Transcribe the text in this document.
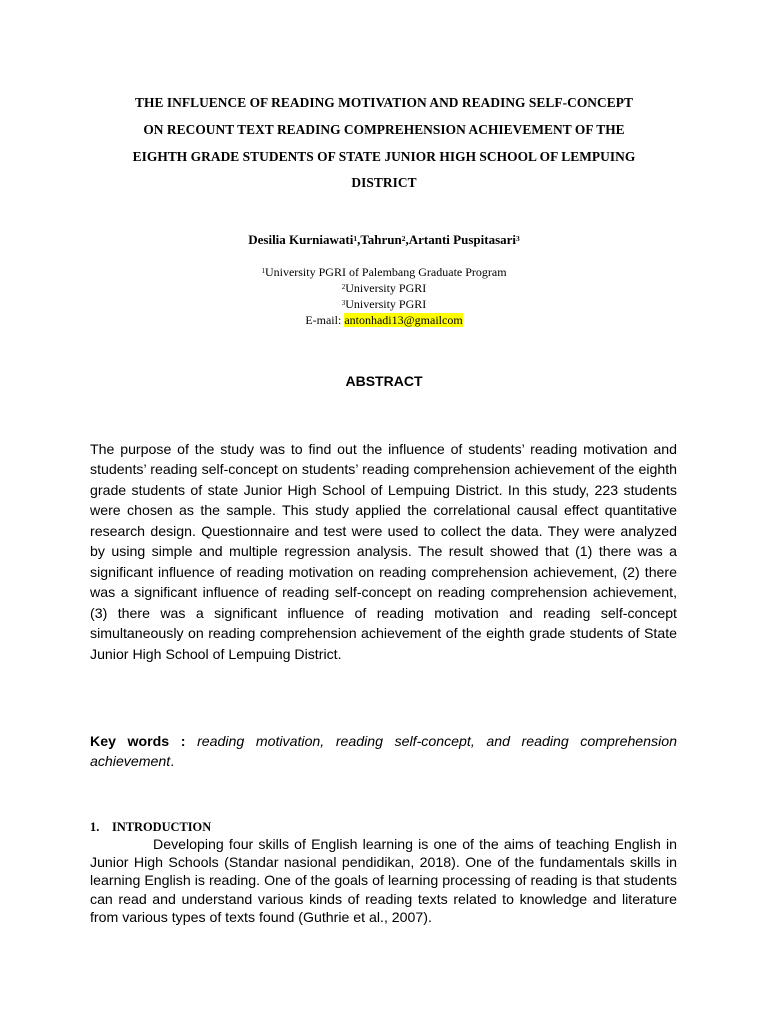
THE INFLUENCE OF READING MOTIVATION AND READING SELF-CONCEPT
ON RECOUNT TEXT READING COMPREHENSION ACHIEVEMENT OF THE
EIGHTH GRADE STUDENTS OF STATE JUNIOR HIGH SCHOOL OF LEMPUING
DISTRICT
Desilia Kurniawati$^1$,Tahrun$^2$,Artanti Puspitasari$^3$
$^1$University PGRI of Palembang Graduate Program
$^2$University PGRI
$^3$University PGRI
E-mail: antonhadi13@gmailcom
ABSTRACT

The purpose of the study was to find out the influence of students’ reading motivation and students’ reading self-concept on students’ reading comprehension achievement of the eighth grade students of state Junior High School of Lempuing District. In this study, 223 students were chosen as the sample. This study applied the correlational causal effect quantitative research design. Questionnaire and test were used to collect the data. They were analyzed by using simple and multiple regression analysis. The result showed that (1) there was a significant influence of reading motivation on reading comprehension achievement, (2) there was a significant influence of reading self-concept on reading comprehension achievement, (3) there was a significant influence of reading motivation and reading self-concept simultaneously on reading comprehension achievement of the eighth grade students of State Junior High School of Lempuing District.

Key words : reading motivation, reading self-concept, and reading comprehension achievement.

1. INTRODUCTION

Developing four skills of English learning is one of the aims of teaching English in Junior High Schools (Standar nasional pendidikan, 2018). One of the fundamentals skills in learning English is reading. One of the goals of learning processing of reading is that students can read and understand various kinds of reading texts related to knowledge and literature from various types of texts found (Guthrie et al., 2007).
